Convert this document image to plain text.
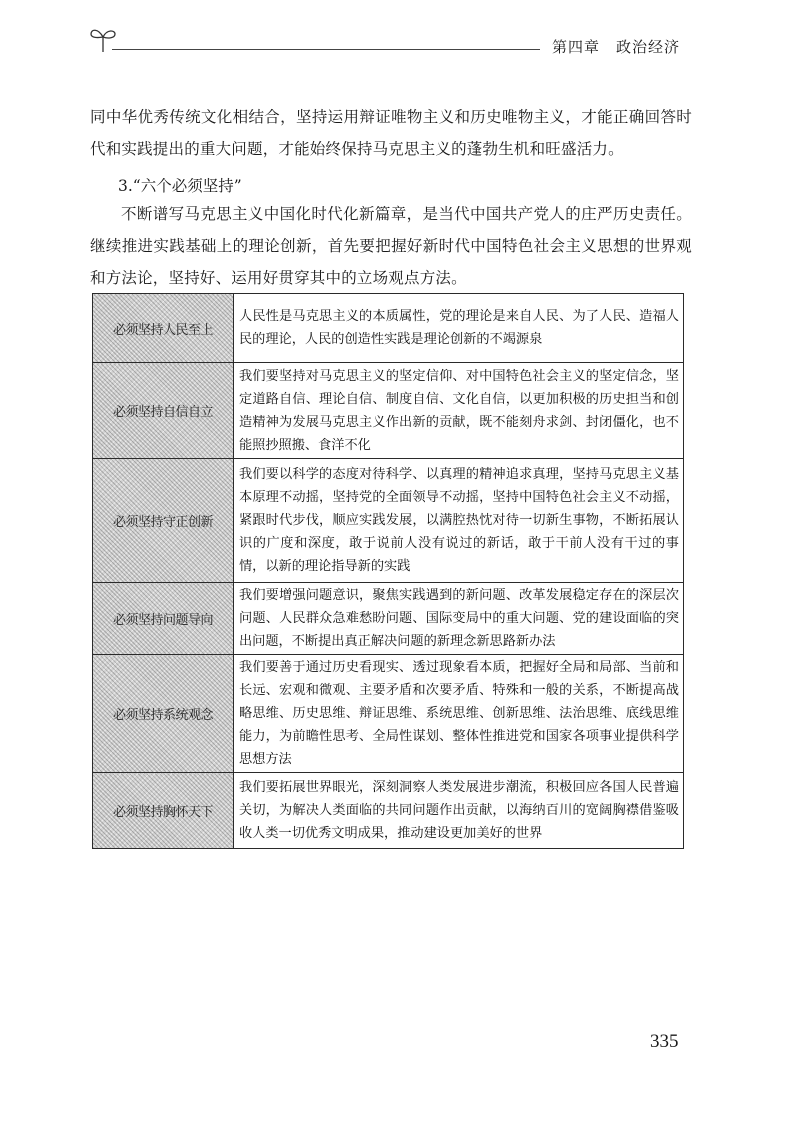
第四章　政治经济
同中华优秀传统文化相结合，坚持运用辩证唯物主义和历史唯物主义，才能正确回答时代和实践提出的重大问题，才能始终保持马克思主义的蓬勃生机和旺盛活力。
3.“六个必须坚持”
不断谱写马克思主义中国化时代化新篇章，是当代中国共产党人的庄严历史责任。继续推进实践基础上的理论创新，首先要把握好新时代中国特色社会主义思想的世界观和方法论，坚持好、运用好贯穿其中的立场观点方法。
必须坚持人民至上	人民性是马克思主义的本质属性，党的理论是来自人民、为了人民、造福人民的理论，人民的创造性实践是理论创新的不竭源泉
必须坚持自信自立	我们要坚持对马克思主义的坚定信仰、对中国特色社会主义的坚定信念，坚定道路自信、理论自信、制度自信、文化自信，以更加积极的历史担当和创造精神为发展马克思主义作出新的贡献，既不能刻舟求剑、封闭僵化，也不能照抄照搬、食洋不化
必须坚持守正创新	我们要以科学的态度对待科学、以真理的精神追求真理，坚持马克思主义基本原理不动摇，坚持党的全面领导不动摇，坚持中国特色社会主义不动摇，紧跟时代步伐，顺应实践发展，以满腔热忱对待一切新生事物，不断拓展认识的广度和深度，敢于说前人没有说过的新话，敢于干前人没有干过的事情，以新的理论指导新的实践
必须坚持问题导向	我们要增强问题意识，聚焦实践遇到的新问题、改革发展稳定存在的深层次问题、人民群众急难愁盼问题、国际变局中的重大问题、党的建设面临的突出问题，不断提出真正解决问题的新理念新思路新办法
必须坚持系统观念	我们要善于通过历史看现实、透过现象看本质，把握好全局和局部、当前和长远、宏观和微观、主要矛盾和次要矛盾、特殊和一般的关系，不断提高战略思维、历史思维、辩证思维、系统思维、创新思维、法治思维、底线思维能力，为前瞻性思考、全局性谋划、整体性推进党和国家各项事业提供科学思想方法
必须坚持胸怀天下	我们要拓展世界眼光，深刻洞察人类发展进步潮流，积极回应各国人民普遍关切，为解决人类面临的共同问题作出贡献，以海纳百川的宽阔胸襟借鉴吸收人类一切优秀文明成果，推动建设更加美好的世界
335
